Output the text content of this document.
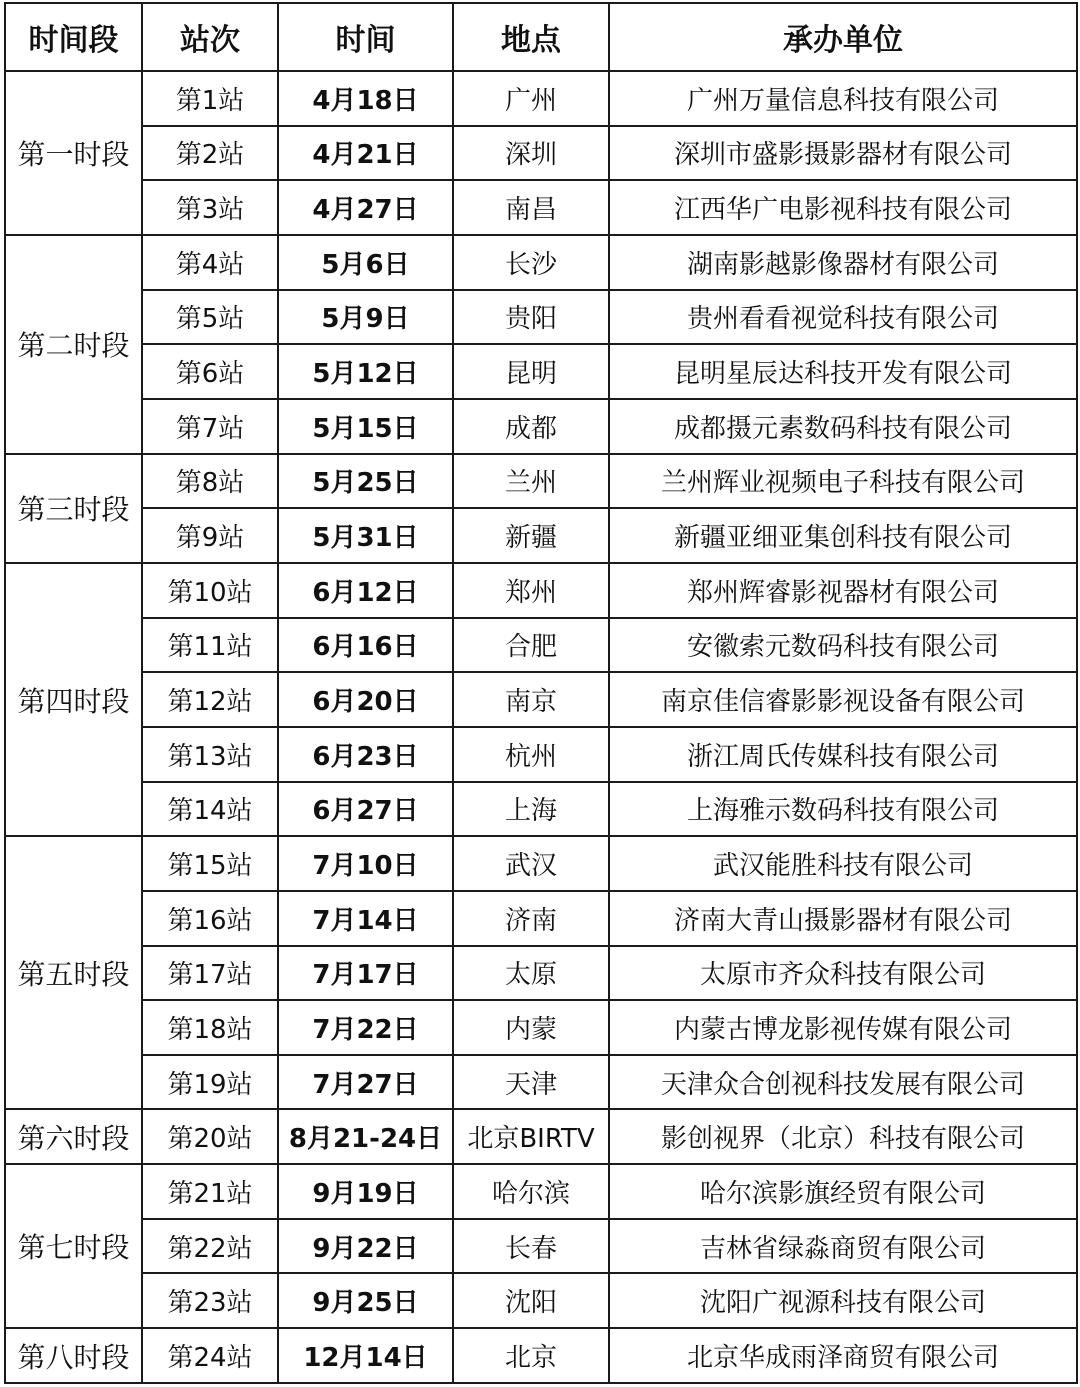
时间段	站次	时间	地点	承办单位
第一时段	第1站	4月18日	广州	广州万量信息科技有限公司
	第2站	4月21日	深圳	深圳市盛影摄影器材有限公司
	第3站	4月27日	南昌	江西华广电影视科技有限公司
第二时段	第4站	5月6日	长沙	湖南影越影像器材有限公司
	第5站	5月9日	贵阳	贵州看看视觉科技有限公司
	第6站	5月12日	昆明	昆明星辰达科技开发有限公司
	第7站	5月15日	成都	成都摄元素数码科技有限公司
第三时段	第8站	5月25日	兰州	兰州辉业视频电子科技有限公司
	第9站	5月31日	新疆	新疆亚细亚集创科技有限公司
第四时段	第10站	6月12日	郑州	郑州辉睿影视器材有限公司
	第11站	6月16日	合肥	安徽索元数码科技有限公司
	第12站	6月20日	南京	南京佳信睿影影视设备有限公司
	第13站	6月23日	杭州	浙江周氏传媒科技有限公司
	第14站	6月27日	上海	上海雅示数码科技有限公司
第五时段	第15站	7月10日	武汉	武汉能胜科技有限公司
	第16站	7月14日	济南	济南大青山摄影器材有限公司
	第17站	7月17日	太原	太原市齐众科技有限公司
	第18站	7月22日	内蒙	内蒙古博龙影视传媒有限公司
	第19站	7月27日	天津	天津众合创视科技发展有限公司
第六时段	第20站	8月21-24日	北京BIRTV	影创视界（北京）科技有限公司
第七时段	第21站	9月19日	哈尔滨	哈尔滨影旗经贸有限公司
	第22站	9月22日	长春	吉林省绿淼商贸有限公司
	第23站	9月25日	沈阳	沈阳广视源科技有限公司
第八时段	第24站	12月14日	北京	北京华成雨泽商贸有限公司
